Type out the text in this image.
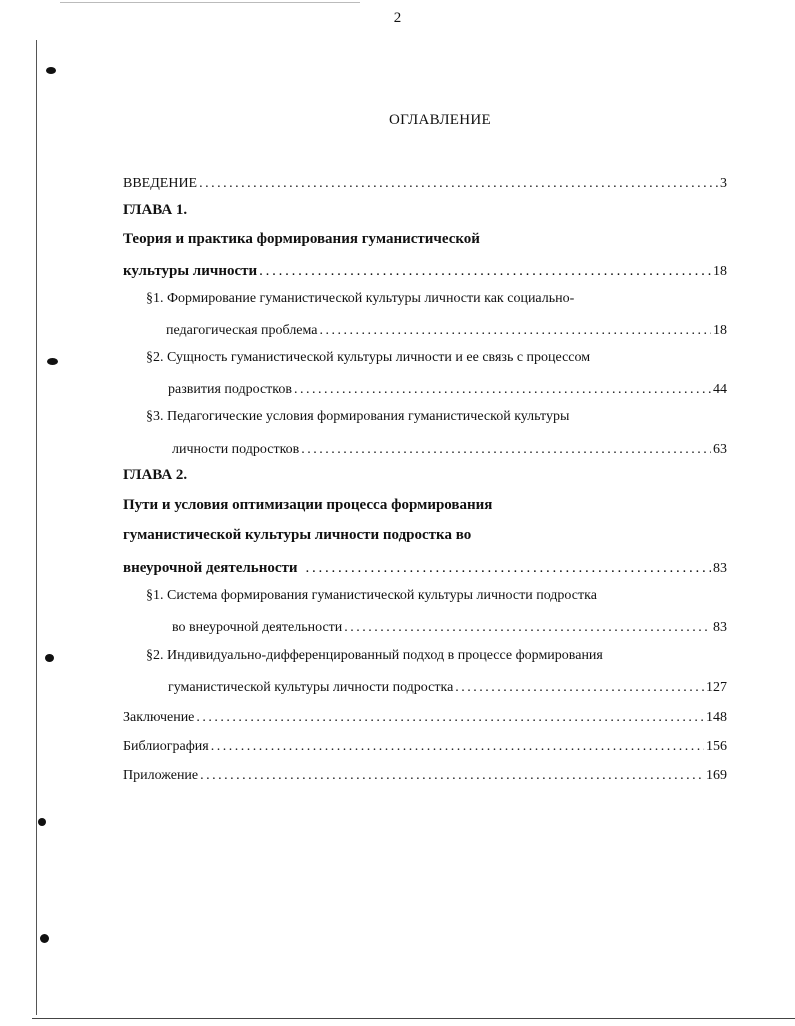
2
ОГЛАВЛЕНИЕ
ВВЕДЕНИЕ . . .	3
ГЛАВА 1.
Теория и практика формирования гуманистической
культуры личности . . .	18
§1. Формирование гуманистической культуры личности как социально-
педагогическая проблема . . .	18
§2. Сущность гуманистической культуры личности и ее связь с процессом
развития подростков . . .	44
§3. Педагогические условия формирования гуманистической культуры
личности подростков . . .	63
ГЛАВА 2.
Пути и условия оптимизации процесса формирования
гуманистической культуры личности подростка во
внеурочной деятельности . . .	83
§1. Система формирования гуманистической культуры личности подростка
во внеурочной деятельности . . .	83
§2. Индивидуально-дифференцированный подход в процессе формирования
гуманистической культуры личности подростка . . .	127
Заключение . . .	148
Библиография . . .	156
Приложение . . .	169
